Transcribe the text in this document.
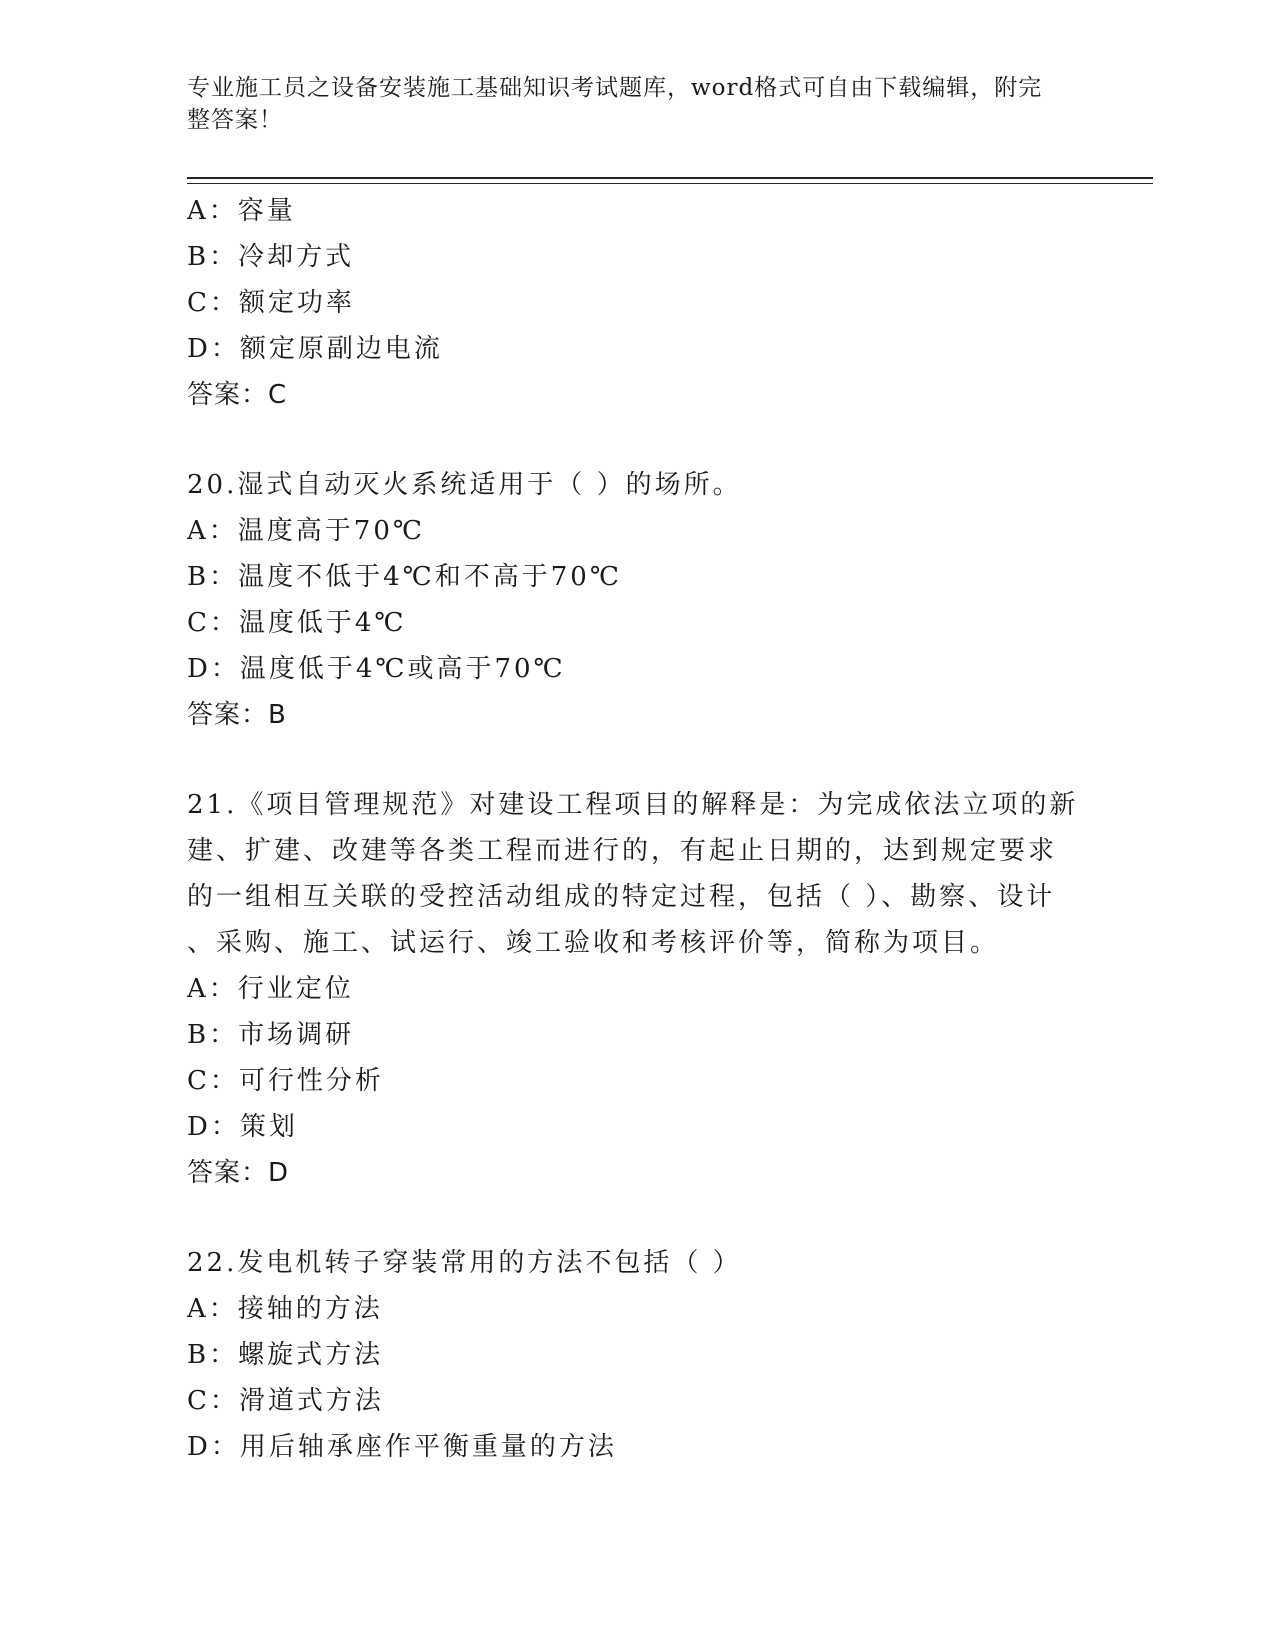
专业施工员之设备安装施工基础知识考试题库，word格式可自由下载编辑，附完
整答案！
A：容量
B：冷却方式
C：额定功率
D：额定原副边电流
答案：C
20.湿式自动灭火系统适用于（ ）的场所。
A：温度高于70℃
B：温度不低于4℃和不高于70℃
C：温度低于4℃
D：温度低于4℃或高于70℃
答案：B
21.《项目管理规范》对建设工程项目的解释是：为完成依法立项的新
建、扩建、改建等各类工程而进行的，有起止日期的，达到规定要求
的一组相互关联的受控活动组成的特定过程，包括（ ）、勘察、设计
、采购、施工、试运行、竣工验收和考核评价等，简称为项目。
A：行业定位
B：市场调研
C：可行性分析
D：策划
答案：D
22.发电机转子穿装常用的方法不包括（ ）
A：接轴的方法
B：螺旋式方法
C：滑道式方法
D：用后轴承座作平衡重量的方法
